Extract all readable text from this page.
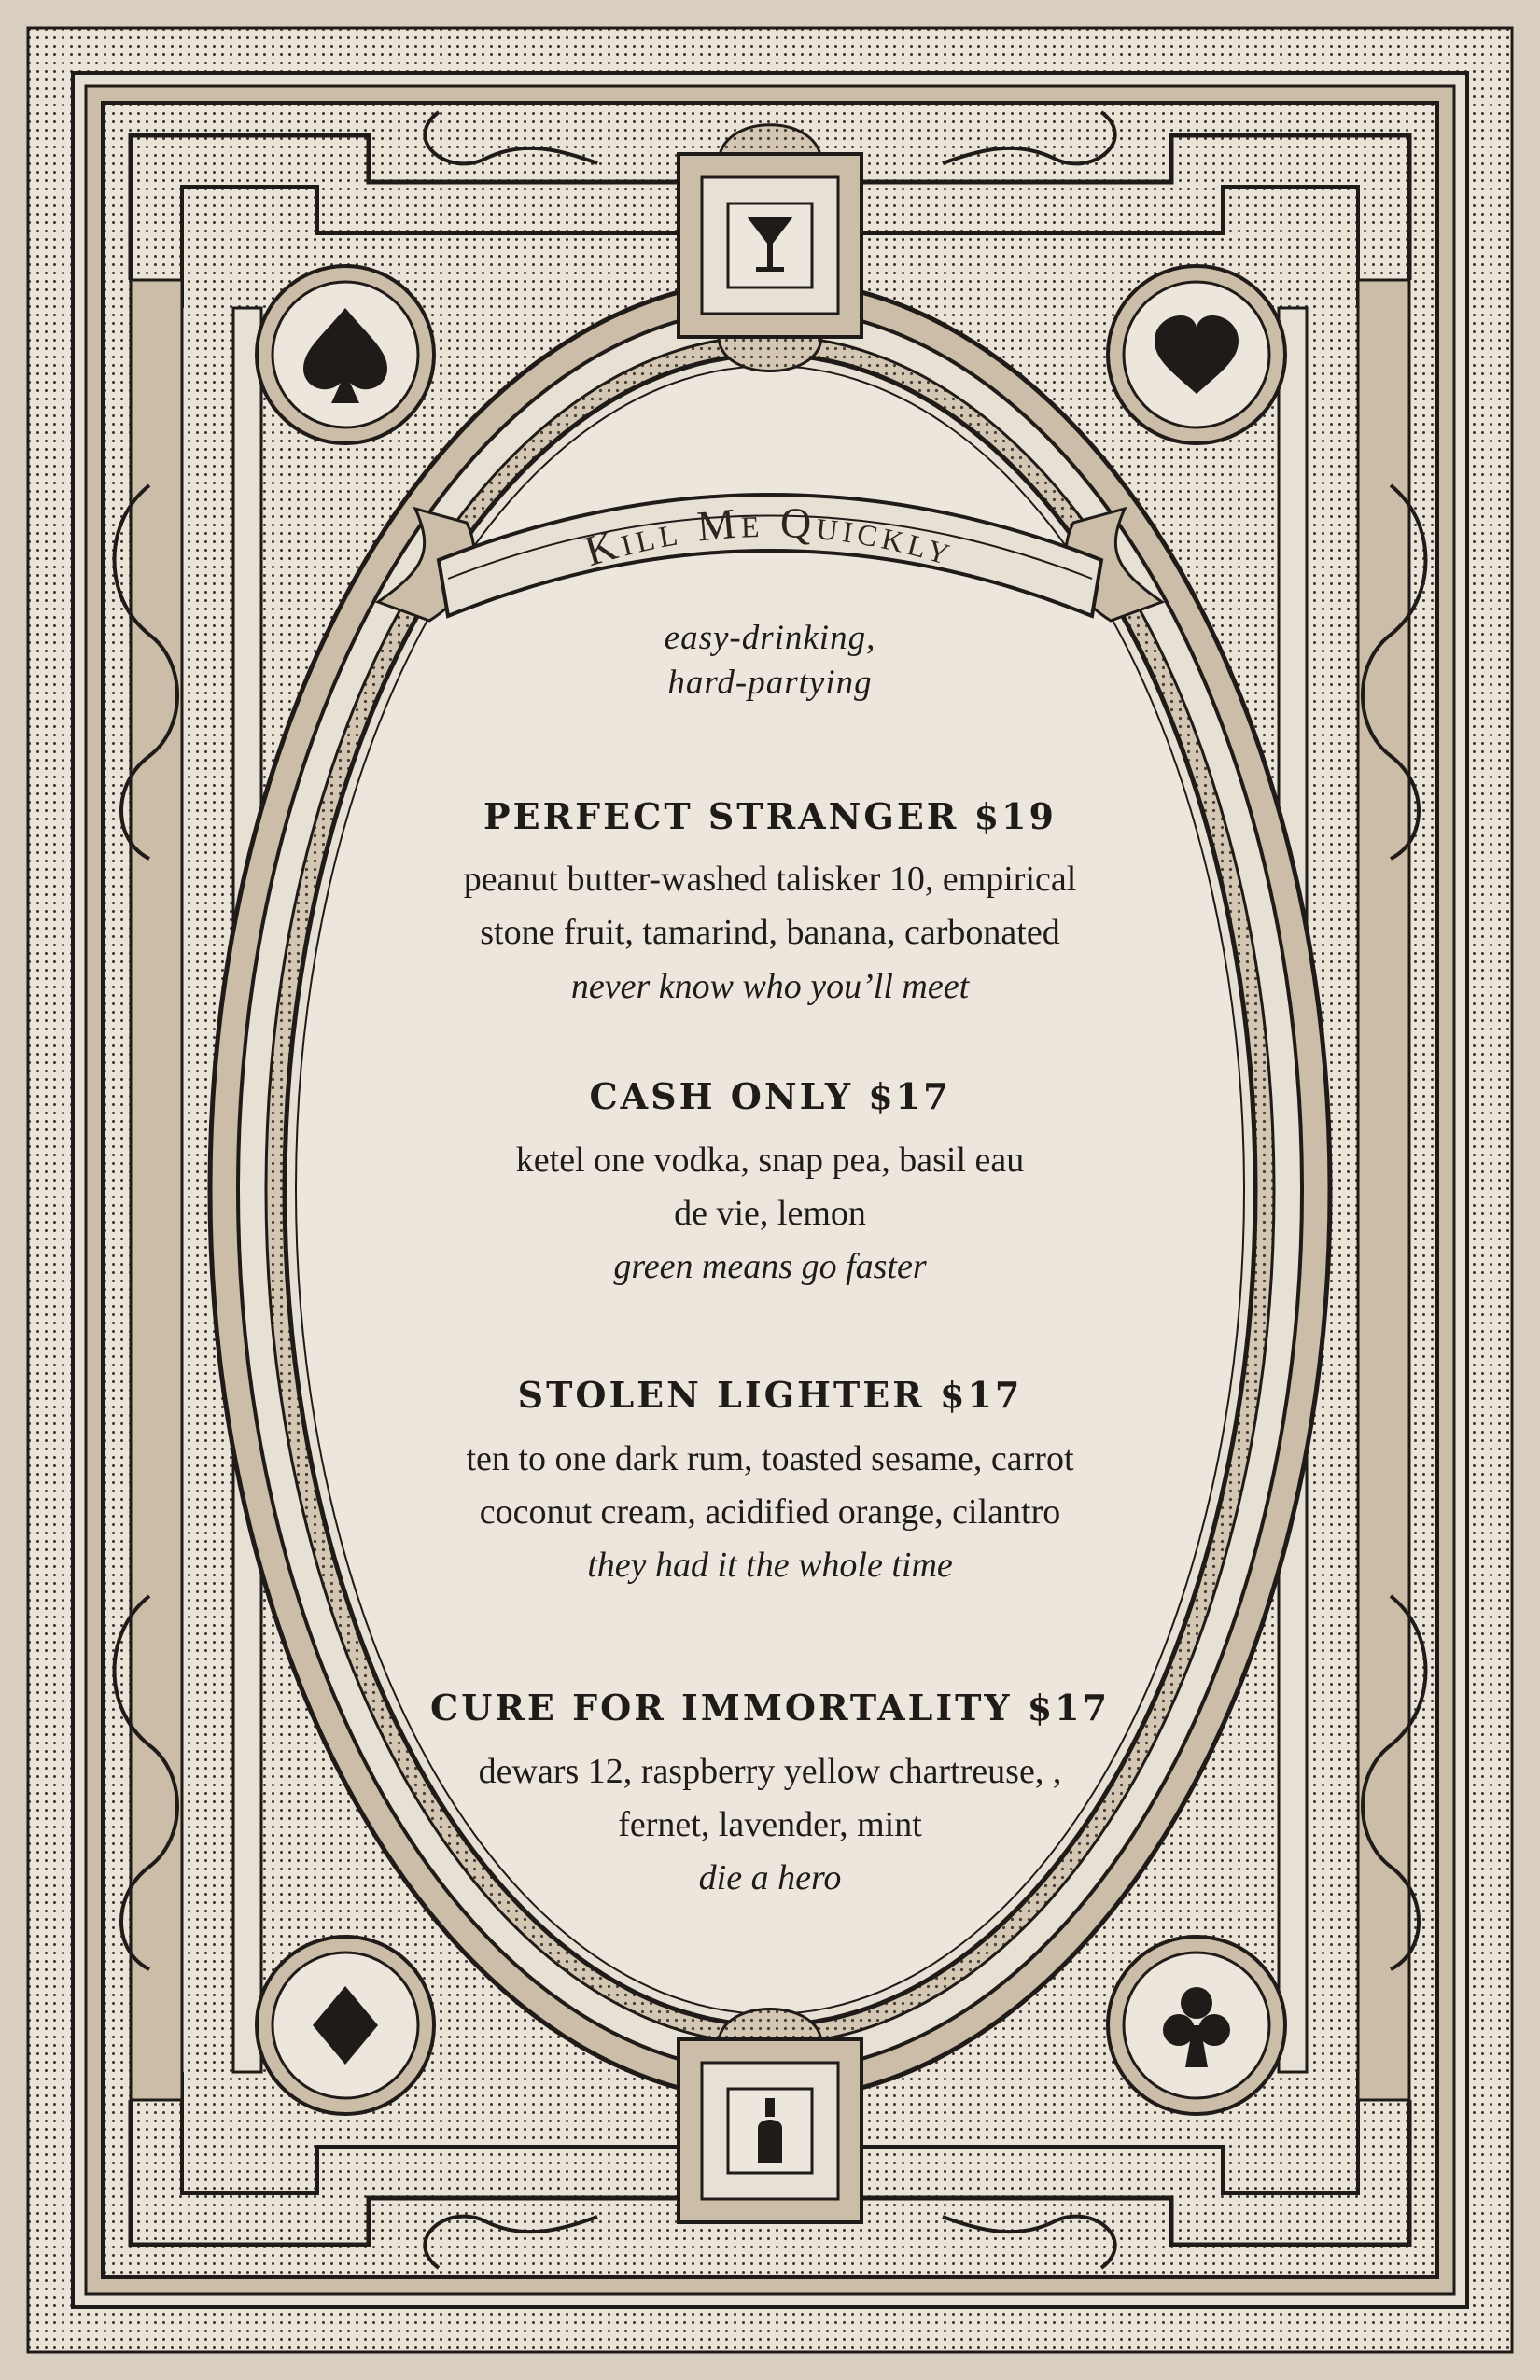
Kill Me Quickly
easy-drinking,
hard-partying
PERFECT STRANGER $19
peanut butter-washed talisker 10, empirical
stone fruit, tamarind, banana, carbonated
never know who you’ll meet
CASH ONLY $17
ketel one vodka, snap pea, basil eau
de vie, lemon
green means go faster
STOLEN LIGHTER $17
ten to one dark rum, toasted sesame, carrot
coconut cream, acidified orange, cilantro
they had it the whole time
CURE FOR IMMORTALITY $17
dewars 12, raspberry yellow chartreuse, ,
fernet, lavender, mint
die a hero
